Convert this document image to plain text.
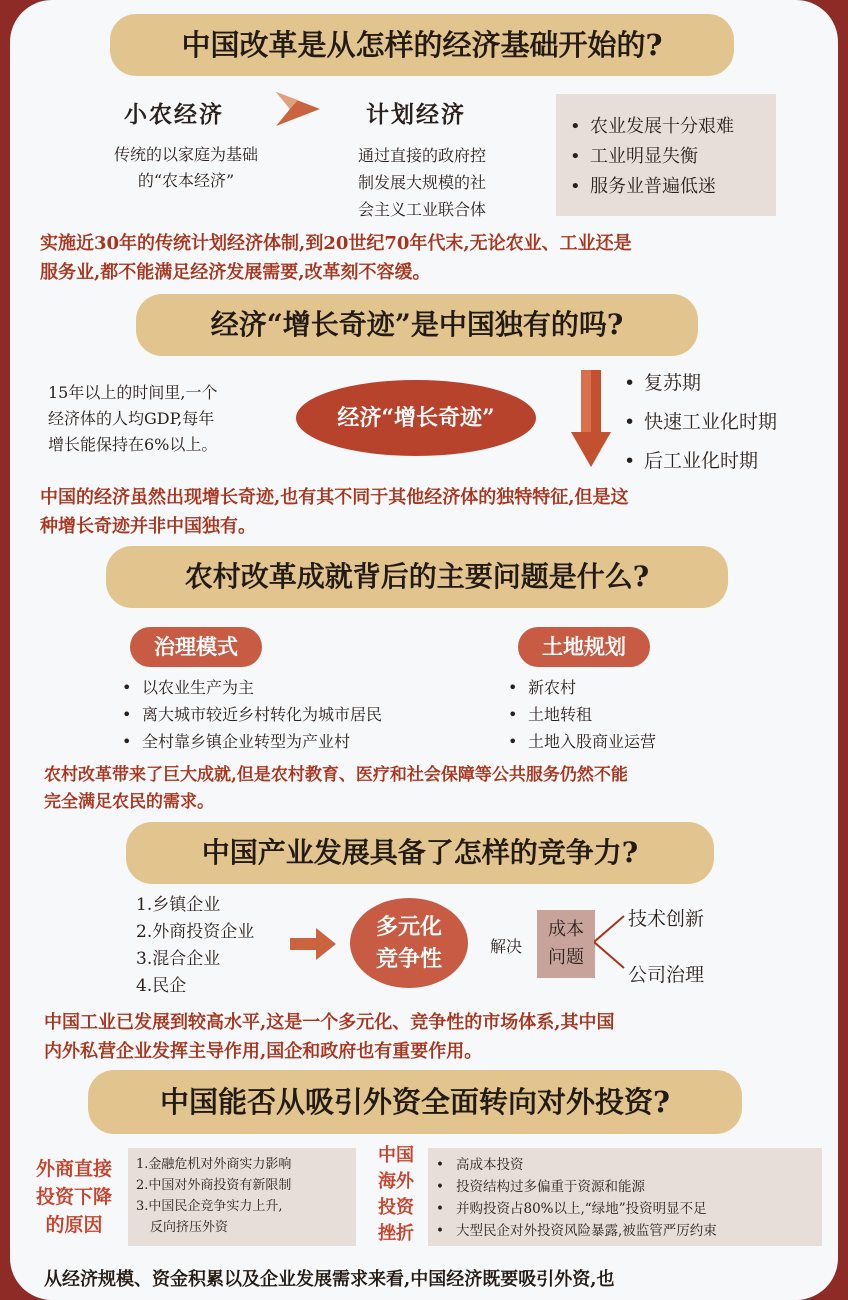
中国改革是从怎样的经济基础开始的?
小农经济	计划经济
传统的以家庭为基础
的“农本经济”
通过直接的政府控
制发展大规模的社
会主义工业联合体
• 农业发展十分艰难
• 工业明显失衡
• 服务业普遍低迷
实施近30年的传统计划经济体制,到20世纪70年代末,无论农业、工业还是
服务业,都不能满足经济发展需要,改革刻不容缓。
经济“增长奇迹”是中国独有的吗?
15年以上的时间里,一个
经济体的人均GDP,每年
增长能保持在6%以上。
经济“增长奇迹”
• 复苏期
• 快速工业化时期
• 后工业化时期
中国的经济虽然出现增长奇迹,也有其不同于其他经济体的独特特征,但是这
种增长奇迹并非中国独有。
农村改革成就背后的主要问题是什么?
治理模式	土地规划
• 以农业生产为主
• 离大城市较近乡村转化为城市居民
• 全村靠乡镇企业转型为产业村
• 新农村
• 土地转租
• 土地入股商业运营
农村改革带来了巨大成就,但是农村教育、医疗和社会保障等公共服务仍然不能
完全满足农民的需求。
中国产业发展具备了怎样的竞争力?
1.乡镇企业
2.外商投资企业
3.混合企业
4.民企
多元化
竞争性	解决
成本
问题
技术创新
公司治理
中国工业已发展到较高水平,这是一个多元化、竞争性的市场体系,其中国
内外私营企业发挥主导作用,国企和政府也有重要作用。
中国能否从吸引外资全面转向对外投资?
外商直接
投资下降
的原因
1.金融危机对外商实力影响
2.中国对外商投资有新限制
3.中国民企竞争实力上升,
反向挤压外资
中国
海外
投资
挫折
• 高成本投资
• 投资结构过多偏重于资源和能源
• 并购投资占80%以上,“绿地”投资明显不足
• 大型民企对外投资风险暴露,被监管严厉约束
从经济规模、资金积累以及企业发展需求来看,中国经济既要吸引外资,也
